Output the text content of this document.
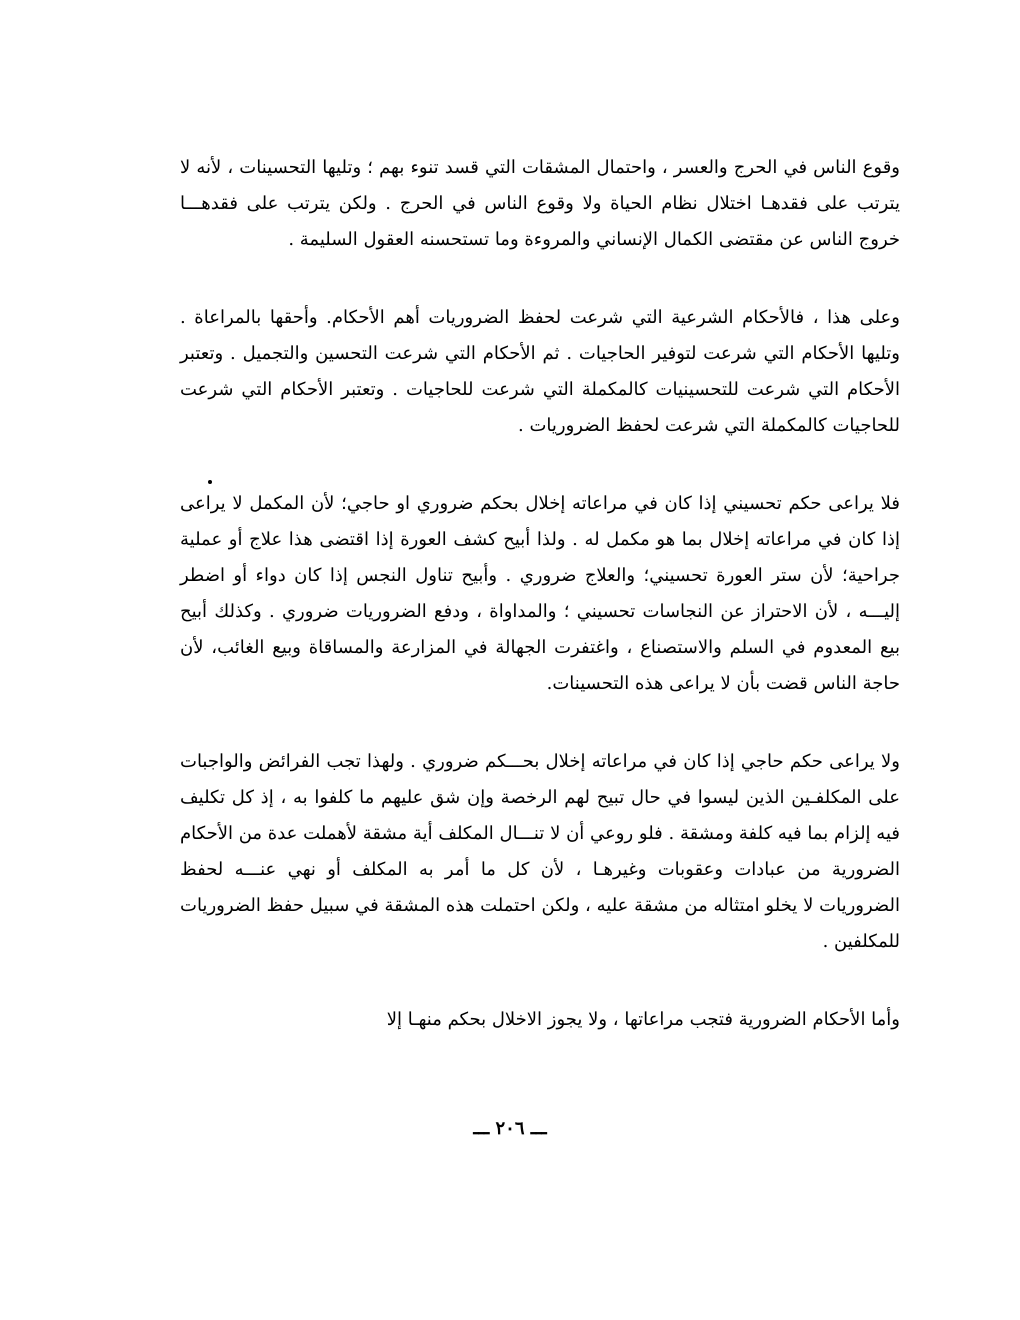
وقوع الناس في الحرج والعسر ، واحتمال المشقات التي قسد تنوء بهم ؛ وتليها التحسينات ، لأنه لا يترتب على فقدهـا اختلال نظام الحياة ولا وقوع الناس في الحرج . ولكن يترتب على فقدهـــا خروج الناس عن مقتضى الكمال الإنساني والمروءة وما تستحسنه العقول السليمة .

وعلى هذا ، فالأحكام الشرعية التي شرعت لحفظ الضروريات أهم الأحكام. وأحقها بالمراعاة . وتليها الأحكام التي شرعت لتوفير الحاجيات . ثم الأحكام التي شرعت التحسين والتجميل . وتعتبر الأحكام التي شرعت للتحسينيات كالمكملة التي شرعت للحاجيات . وتعتبر الأحكام التي شرعت للحاجيات كالمكملة التي شرعت لحفظ الضروريات .

فلا يراعى حكم تحسيني إذا كان في مراعاته إخلال بحكم ضروري او حاجي؛ لأن المكمل لا يراعى إذا كان في مراعاته إخلال بما هو مكمل له . ولذا أبيح كشف العورة إذا اقتضى هذا علاج أو عملية جراحية؛ لأن ستر العورة تحسيني؛ والعلاج ضروري . وأبيح تناول النجس إذا كان دواء أو اضطر إليـــه ، لأن الاحتراز عن النجاسات تحسيني ؛ والمداواة ، ودفع الضروريات ضروري . وكذلك أبيح بيع المعدوم في السلم والاستصناع ، واغتفرت الجهالة في المزارعة والمساقاة وبيع الغائب، لأن حاجة الناس قضت بأن لا يراعى هذه التحسينات.

ولا يراعى حكم حاجي إذا كان في مراعاته إخلال بحـــكم ضروري . ولهذا تجب الفرائض والواجبات على المكلفـين الذين ليسوا في حال تبيح لهم الرخصة وإن شق عليهم ما كلفوا به ، إذ كل تكليف فيه إلزام بما فيه كلفة ومشقة . فلو روعي أن لا تنـــال المكلف أية مشقة لأهملت عدة من الأحكام الضرورية من عبادات وعقوبات وغيرهـا ، لأن كل ما أمر به المكلف أو نهي عنـــه لحفظ الضروريات لا يخلو امتثاله من مشقة عليه ، ولكن احتملت هذه المشقة في سبيل حفظ الضروريات للمكلفين .

وأما الأحكام الضرورية فتجب مراعاتها ، ولا يجوز الاخلال بحكم منهـا إلا

ـــ ٢٠٦ ـــ
